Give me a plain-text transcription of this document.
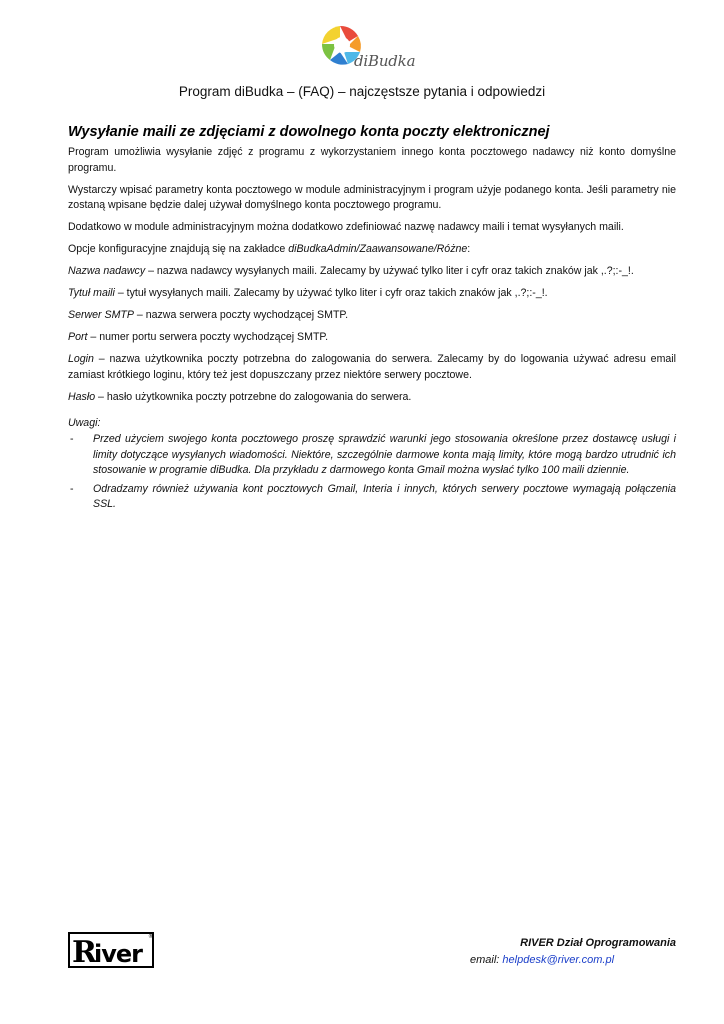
diBudka
Program diBudka – (FAQ) – najczęstsze pytania i odpowiedzi
Wysyłanie maili ze zdjęciami z dowolnego konta poczty elektronicznej

Program umożliwia wysyłanie zdjęć z programu z wykorzystaniem innego konta pocztowego nadawcy niż konto domyślne programu.

Wystarczy wpisać parametry konta pocztowego w module administracyjnym i program użyje podanego konta. Jeśli parametry nie zostaną wpisane będzie dalej używał domyślnego konta pocztowego programu.

Dodatkowo w module administracyjnym można dodatkowo zdefiniować nazwę nadawcy maili i temat wysyłanych maili.

Opcje konfiguracyjne znajdują się na zakładce diBudkaAdmin/Zaawansowane/Różne:

Nazwa nadawcy – nazwa nadawcy wysyłanych maili. Zalecamy by używać tylko liter i cyfr oraz takich znaków jak ,.?;:-_!.

Tytuł maili – tytuł wysyłanych maili. Zalecamy by używać tylko liter i cyfr oraz takich znaków jak ,.?;:-_!.

Serwer SMTP – nazwa serwera poczty wychodzącej SMTP.

Port – numer portu serwera poczty wychodzącej SMTP.

Login – nazwa użytkownika poczty potrzebna do zalogowania do serwera. Zalecamy by do logowania używać adresu email zamiast krótkiego loginu, który też jest dopuszczany przez niektóre serwery pocztowe.

Hasło – hasło użytkownika poczty potrzebne do zalogowania do serwera.

Uwagi:
- Przed użyciem swojego konta pocztowego proszę sprawdzić warunki jego stosowania określone przez dostawcę usługi i limity dotyczące wysyłanych wiadomości. Niektóre, szczególnie darmowe konta mają limity, które mogą bardzo utrudnić ich stosowanie w programie diBudka. Dla przykładu z darmowego konta Gmail można wysłać tylko 100 maili dziennie.
- Odradzamy również używania kont pocztowych Gmail, Interia i innych, których serwery pocztowe wymagają połączenia SSL.
R
iver
®
RIVER Dział Oprogramowania
email: helpdesk@river.com.pl
